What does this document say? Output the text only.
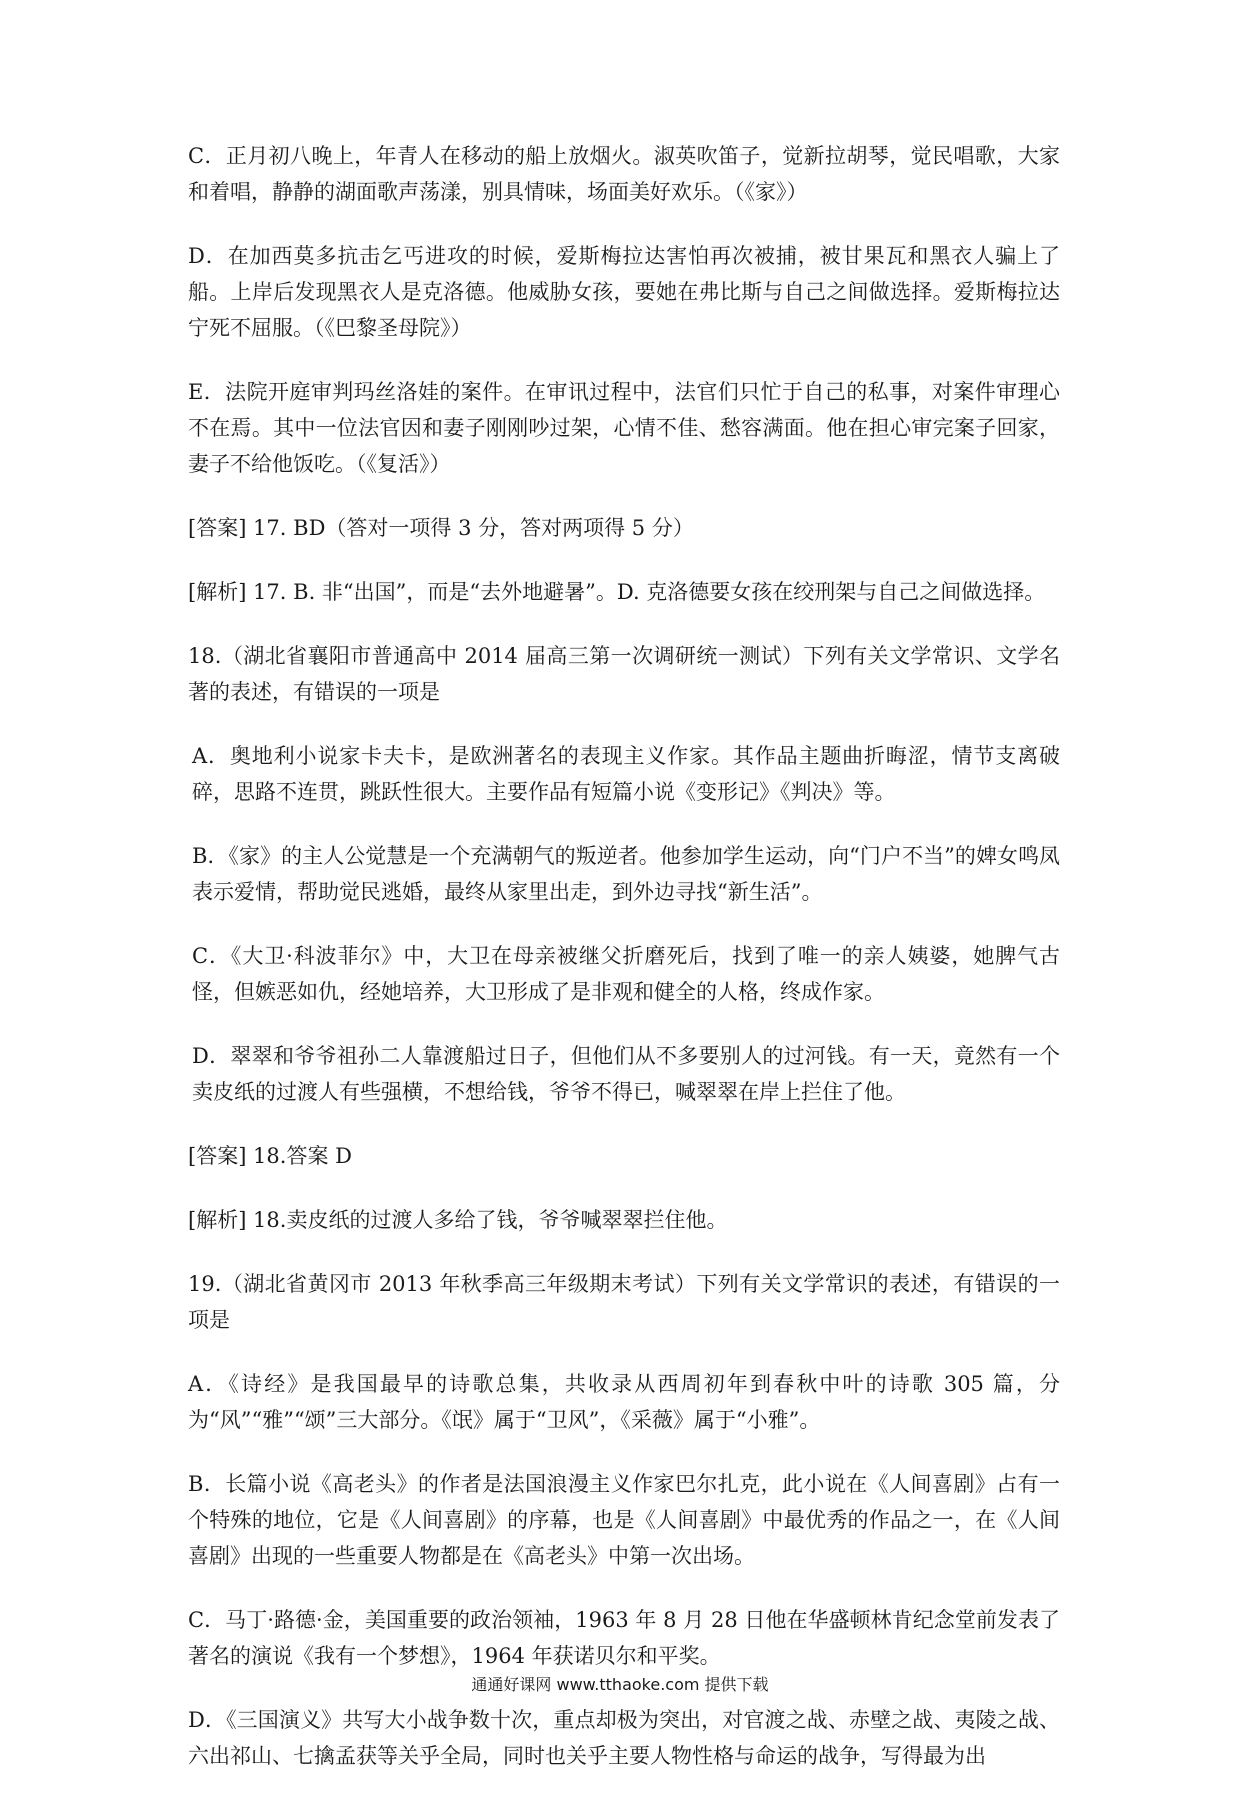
C．正月初八晚上，年青人在移动的船上放烟火。淑英吹笛子，觉新拉胡琴，觉民唱歌，大家和着唱，静静的湖面歌声荡漾，别具情味，场面美好欢乐。（《家》）

D．在加西莫多抗击乞丐进攻的时候，爱斯梅拉达害怕再次被捕，被甘果瓦和黑衣人骗上了船。上岸后发现黑衣人是克洛德。他威胁女孩，要她在弗比斯与自己之间做选择。爱斯梅拉达宁死不屈服。（《巴黎圣母院》）

E．法院开庭审判玛丝洛娃的案件。在审讯过程中，法官们只忙于自己的私事，对案件审理心不在焉。其中一位法官因和妻子刚刚吵过架，心情不佳、愁容满面。他在担心审完案子回家，妻子不给他饭吃。（《复活》）

[答案] 17. BD（答对一项得 3 分，答对两项得 5 分）

[解析] 17. B. 非“出国”，而是“去外地避暑”。D. 克洛德要女孩在绞刑架与自己之间做选择。

18.（湖北省襄阳市普通高中 2014 届高三第一次调研统一测试）下列有关文学常识、文学名著的表述，有错误的一项是

A．奥地利小说家卡夫卡，是欧洲著名的表现主义作家。其作品主题曲折晦涩，情节支离破碎，思路不连贯，跳跃性很大。主要作品有短篇小说《变形记》《判决》等。

B．《家》的主人公觉慧是一个充满朝气的叛逆者。他参加学生运动，向“门户不当”的婢女鸣凤表示爱情，帮助觉民逃婚，最终从家里出走，到外边寻找“新生活”。

C．《大卫·科波菲尔》中，大卫在母亲被继父折磨死后，找到了唯一的亲人姨婆，她脾气古怪，但嫉恶如仇，经她培养，大卫形成了是非观和健全的人格，终成作家。

D．翠翠和爷爷祖孙二人靠渡船过日子，但他们从不多要别人的过河钱。有一天，竟然有一个卖皮纸的过渡人有些强横，不想给钱，爷爷不得已，喊翠翠在岸上拦住了他。

[答案] 18.答案 D

[解析] 18.卖皮纸的过渡人多给了钱，爷爷喊翠翠拦住他。

19.（湖北省黄冈市 2013 年秋季高三年级期末考试）下列有关文学常识的表述，有错误的一项是

A．《诗经》是我国最早的诗歌总集，共收录从西周初年到春秋中叶的诗歌 305 篇，分为“风”“雅”“颂”三大部分。《氓》属于“卫风”，《采薇》属于“小雅”。

B．长篇小说《高老头》的作者是法国浪漫主义作家巴尔扎克，此小说在《人间喜剧》占有一个特殊的地位，它是《人间喜剧》的序幕，也是《人间喜剧》中最优秀的作品之一，在《人间喜剧》出现的一些重要人物都是在《高老头》中第一次出场。

C．马丁·路德·金，美国重要的政治领袖，1963 年 8 月 28 日他在华盛顿林肯纪念堂前发表了著名的演说《我有一个梦想》，1964 年获诺贝尔和平奖。

D．《三国演义》共写大小战争数十次，重点却极为突出，对官渡之战、赤壁之战、夷陵之战、六出祁山、七擒孟获等关乎全局，同时也关乎主要人物性格与命运的战争，写得最为出

通通好课网 www.tthaoke.com 提供下载
